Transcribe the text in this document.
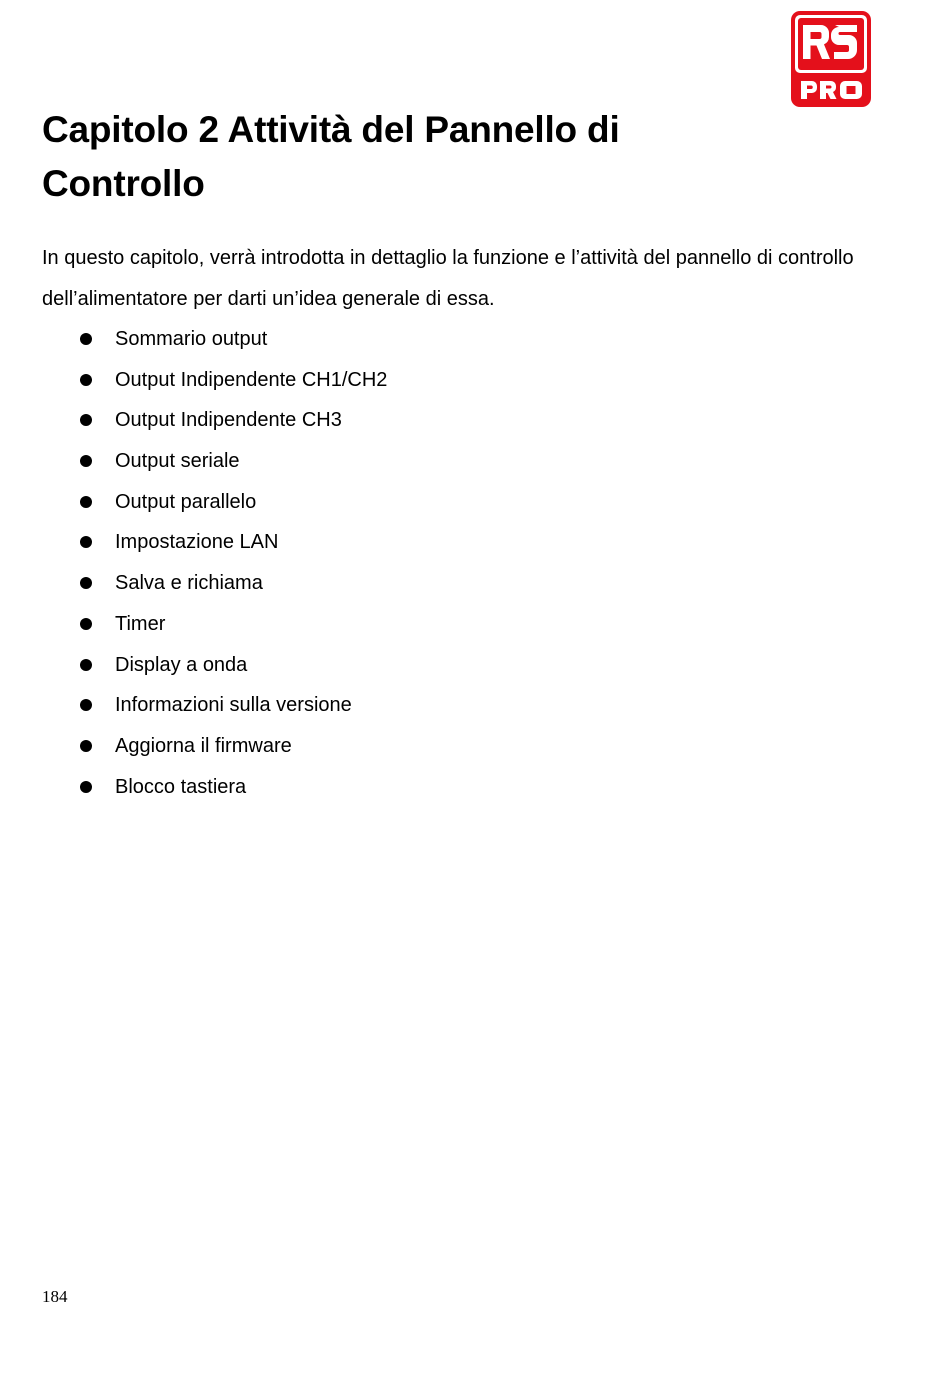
Capitolo 2 Attività del Pannello di Controllo

In questo capitolo, verrà introdotta in dettaglio la funzione e l’attività del pannello di controllo dell’alimentatore per darti un’idea generale di essa.

Sommario output
Output Indipendente CH1/CH2
Output Indipendente CH3
Output seriale
Output parallelo
Impostazione LAN
Salva e richiama
Timer
Display a onda
Informazioni sulla versione
Aggiorna il firmware
Blocco tastiera
184
